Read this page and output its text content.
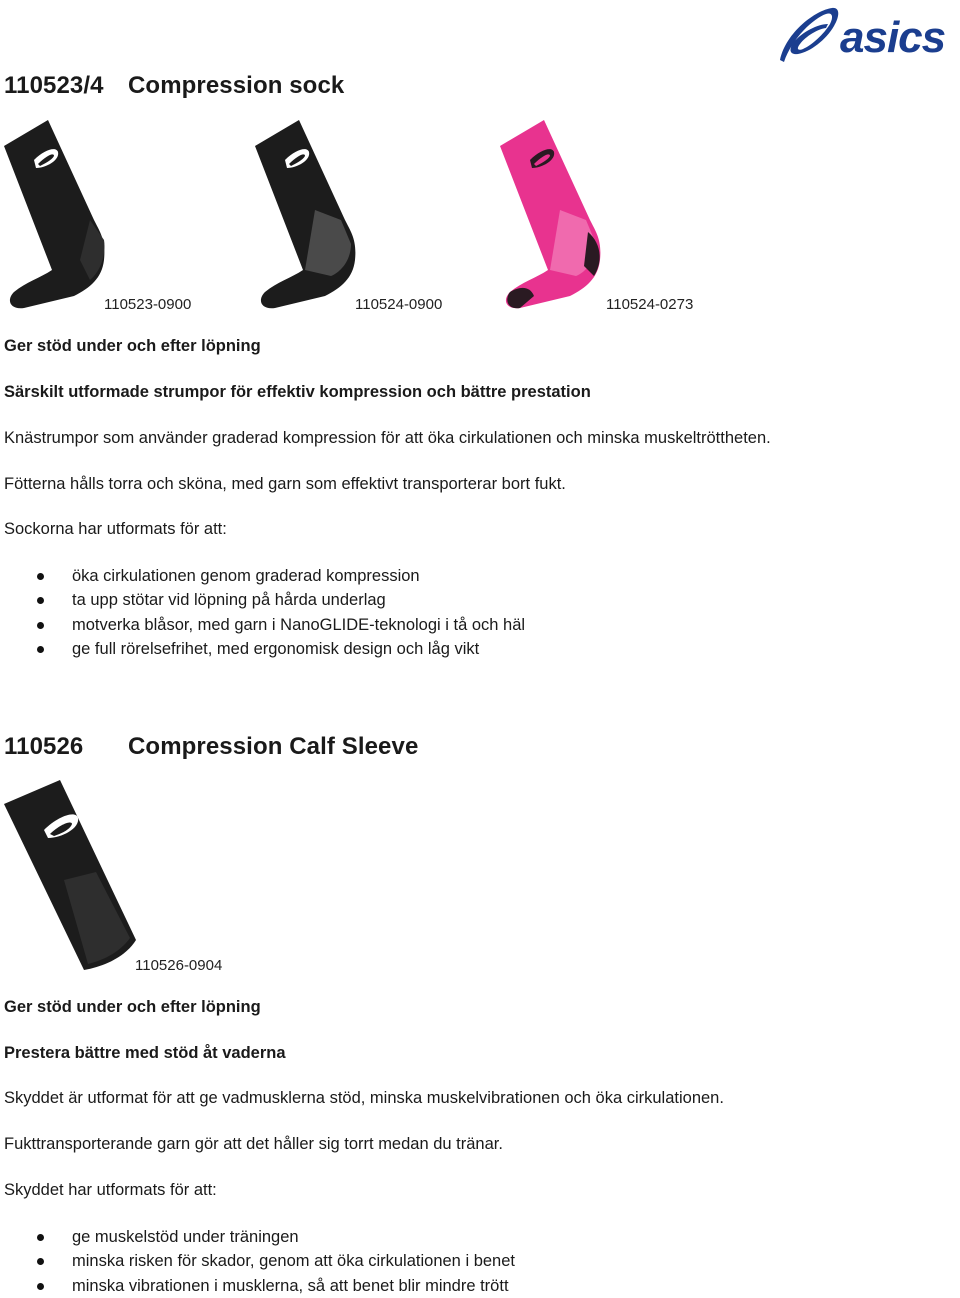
asics
110523/4 Compression sock
110523-0900	110524-0900	110524-0273

Ger stöd under och efter löpning

Särskilt utformade strumpor för effektiv kompression och bättre prestation

Knästrumpor som använder graderad kompression för att öka cirkulationen och minska muskeltröttheten.

Fötterna hålls torra och sköna, med garn som effektivt transporterar bort fukt.

Sockorna har utformats för att:

öka cirkulationen genom graderad kompression
ta upp stötar vid löpning på hårda underlag
motverka blåsor, med garn i NanoGLIDE-teknologi i tå och häl
ge full rörelsefrihet, med ergonomisk design och låg vikt
110526 Compression Calf Sleeve
110526-0904

Ger stöd under och efter löpning

Prestera bättre med stöd åt vaderna

Skyddet är utformat för att ge vadmusklerna stöd, minska muskelvibrationen och öka cirkulationen.

Fukttransporterande garn gör att det håller sig torrt medan du tränar.

Skyddet har utformats för att:

ge muskelstöd under träningen
minska risken för skador, genom att öka cirkulationen i benet
minska vibrationen i musklerna, så att benet blir mindre trött
